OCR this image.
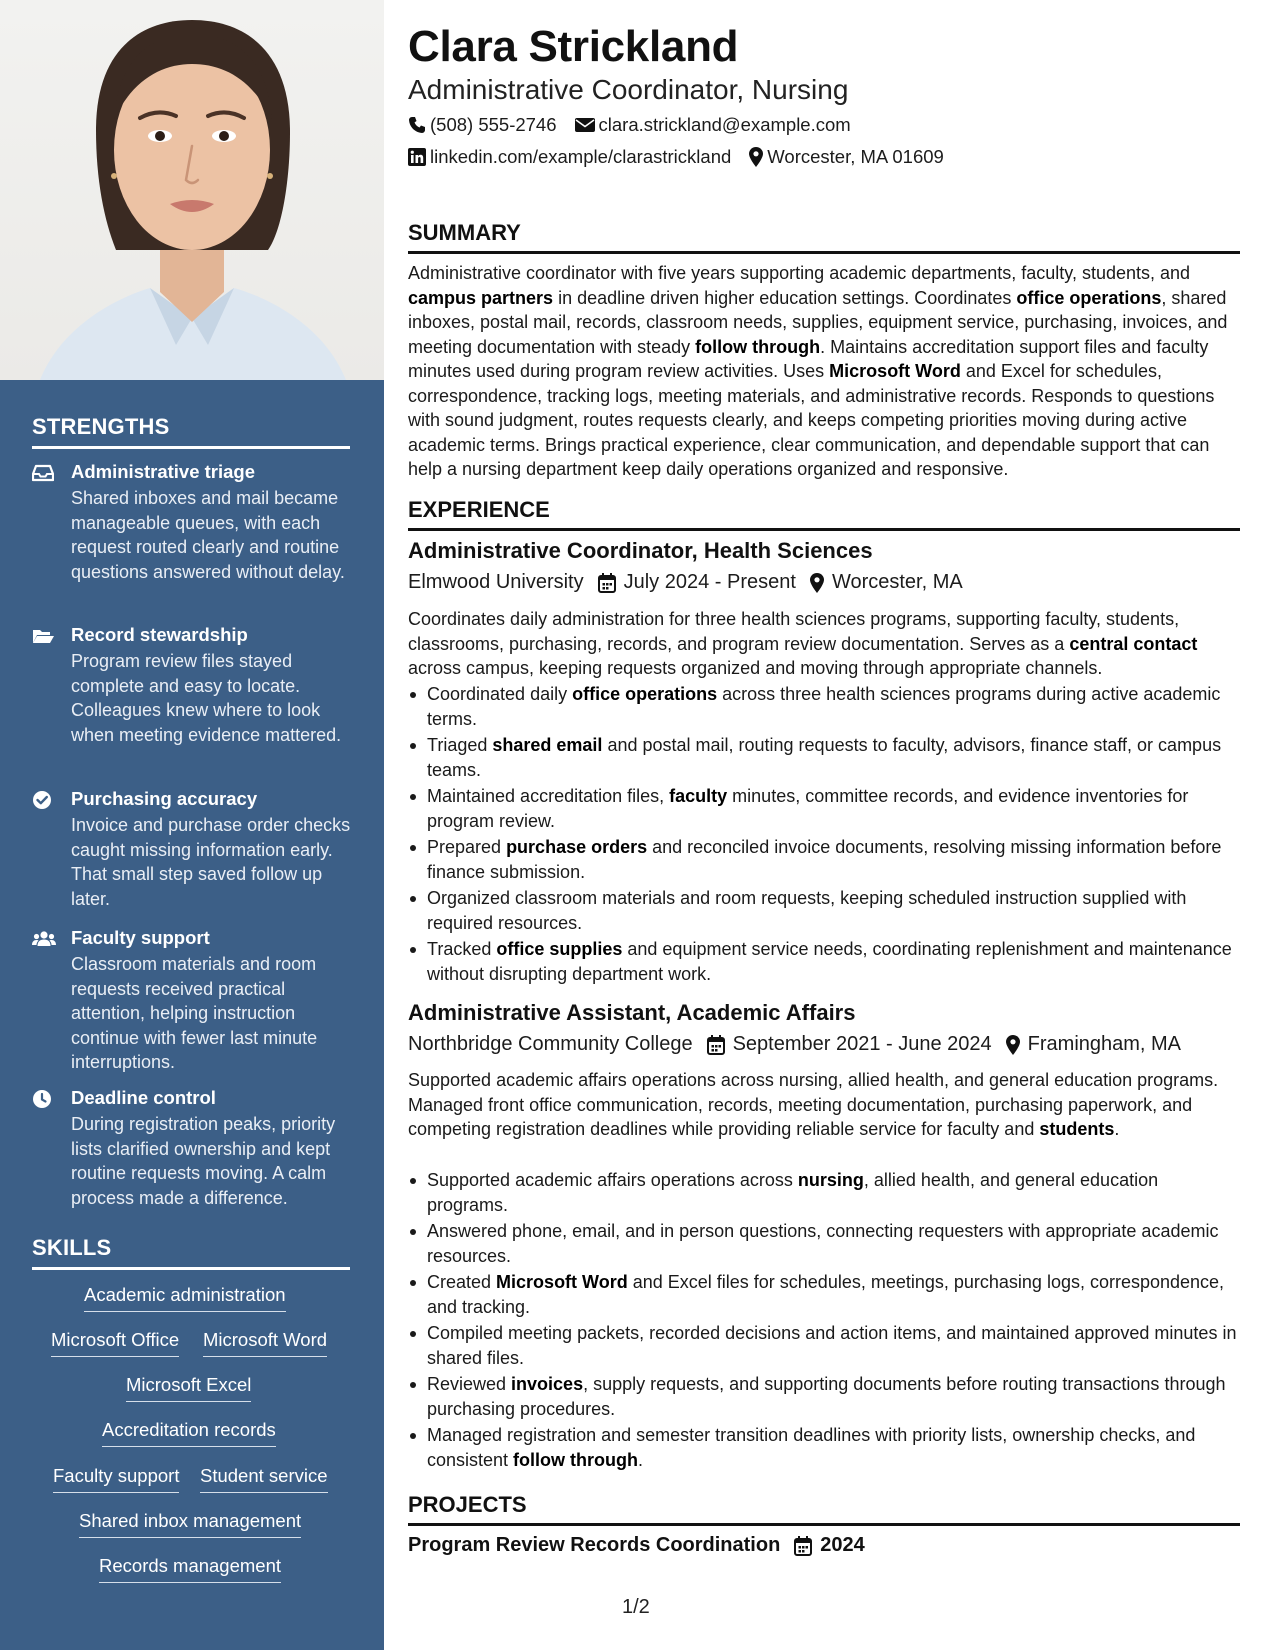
STRENGTHS
Administrative triage
Shared inboxes and mail became manageable queues, with each request routed clearly and routine questions answered without delay.
Record stewardship
Program review files stayed complete and easy to locate. Colleagues knew where to look when meeting evidence mattered.
Purchasing accuracy
Invoice and purchase order checks caught missing information early. That small step saved follow up later.
Faculty support
Classroom materials and room requests received practical attention, helping instruction continue with fewer last minute interruptions.
Deadline control
During registration peaks, priority lists clarified ownership and kept routine requests moving. A calm process made a difference.
SKILLS
Academic administration
Microsoft Office Microsoft Word
Microsoft Excel
Accreditation records
Faculty support Student service
Shared inbox management
Records management
Clara Strickland
Administrative Coordinator, Nursing
(508) 555-2746 clara.strickland@example.com
linkedin.com/example/clarastrickland Worcester, MA 01609
SUMMARY
Administrative coordinator with five years supporting academic departments, faculty, students, and campus partners in deadline driven higher education settings. Coordinates office operations, shared inboxes, postal mail, records, classroom needs, supplies, equipment service, purchasing, invoices, and meeting documentation with steady follow through. Maintains accreditation support files and faculty minutes used during program review activities. Uses Microsoft Word and Excel for schedules, correspondence, tracking logs, meeting materials, and administrative records. Responds to questions with sound judgment, routes requests clearly, and keeps competing priorities moving during active academic terms. Brings practical experience, clear communication, and dependable support that can help a nursing department keep daily operations organized and responsive.
EXPERIENCE
Administrative Coordinator, Health Sciences
Elmwood University July 2024 - Present Worcester, MA
Coordinates daily administration for three health sciences programs, supporting faculty, students, classrooms, purchasing, records, and program review documentation. Serves as a central contact across campus, keeping requests organized and moving through appropriate channels.
Coordinated daily office operations across three health sciences programs during active academic terms.
Triaged shared email and postal mail, routing requests to faculty, advisors, finance staff, or campus teams.
Maintained accreditation files, faculty minutes, committee records, and evidence inventories for program review.
Prepared purchase orders and reconciled invoice documents, resolving missing information before finance submission.
Organized classroom materials and room requests, keeping scheduled instruction supplied with required resources.
Tracked office supplies and equipment service needs, coordinating replenishment and maintenance without disrupting department work.
Administrative Assistant, Academic Affairs
Northbridge Community College September 2021 - June 2024 Framingham, MA
Supported academic affairs operations across nursing, allied health, and general education programs. Managed front office communication, records, meeting documentation, purchasing paperwork, and competing registration deadlines while providing reliable service for faculty and students.
Supported academic affairs operations across nursing, allied health, and general education programs.
Answered phone, email, and in person questions, connecting requesters with appropriate academic resources.
Created Microsoft Word and Excel files for schedules, meetings, purchasing logs, correspondence, and tracking.
Compiled meeting packets, recorded decisions and action items, and maintained approved minutes in shared files.
Reviewed invoices, supply requests, and supporting documents before routing transactions through purchasing procedures.
Managed registration and semester transition deadlines with priority lists, ownership checks, and consistent follow through.
PROJECTS
Program Review Records Coordination 2024
1/2
